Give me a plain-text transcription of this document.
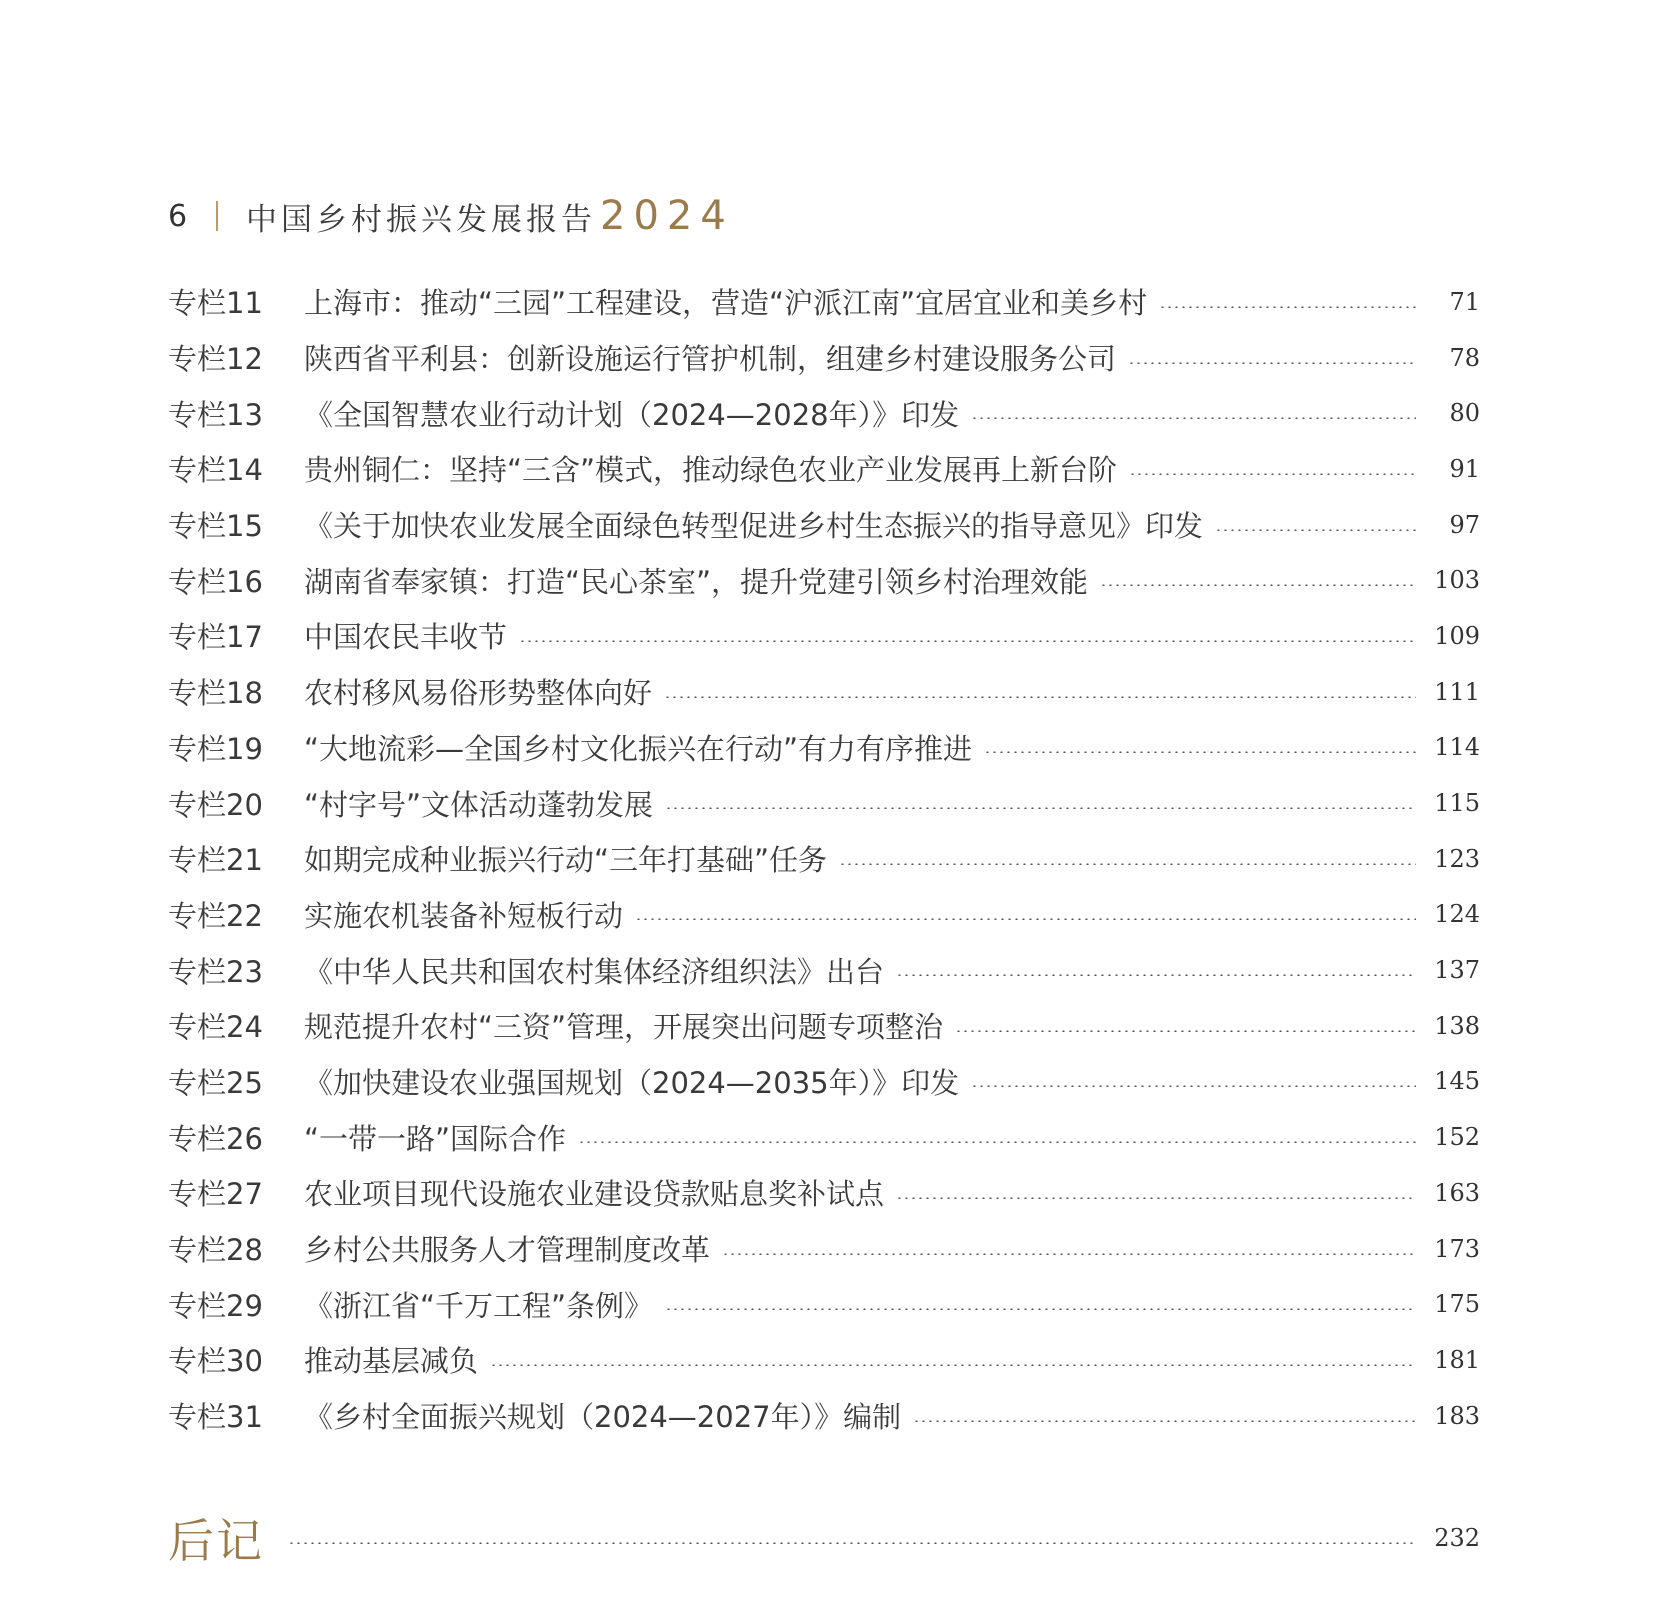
6	中国乡村振兴发展报告 2024
专栏11	上海市：推动“三园”工程建设，营造“沪派江南”宜居宜业和美乡村	71
专栏12	陕西省平利县：创新设施运行管护机制，组建乡村建设服务公司	78
专栏13	《全国智慧农业行动计划（2024—2028年）》印发	80
专栏14	贵州铜仁：坚持“三含”模式，推动绿色农业产业发展再上新台阶	91
专栏15	《关于加快农业发展全面绿色转型促进乡村生态振兴的指导意见》印发	97
专栏16	湖南省奉家镇：打造“民心茶室”，提升党建引领乡村治理效能	103
专栏17	中国农民丰收节	109
专栏18	农村移风易俗形势整体向好	111
专栏19	“大地流彩—全国乡村文化振兴在行动”有力有序推进	114
专栏20	“村字号”文体活动蓬勃发展	115
专栏21	如期完成种业振兴行动“三年打基础”任务	123
专栏22	实施农机装备补短板行动	124
专栏23	《中华人民共和国农村集体经济组织法》出台	137
专栏24	规范提升农村“三资”管理，开展突出问题专项整治	138
专栏25	《加快建设农业强国规划（2024—2035年）》印发	145
专栏26	“一带一路”国际合作	152
专栏27	农业项目现代设施农业建设贷款贴息奖补试点	163
专栏28	乡村公共服务人才管理制度改革	173
专栏29	《浙江省“千万工程”条例》	175
专栏30	推动基层减负	181
专栏31	《乡村全面振兴规划（2024—2027年）》编制	183
后记	232
